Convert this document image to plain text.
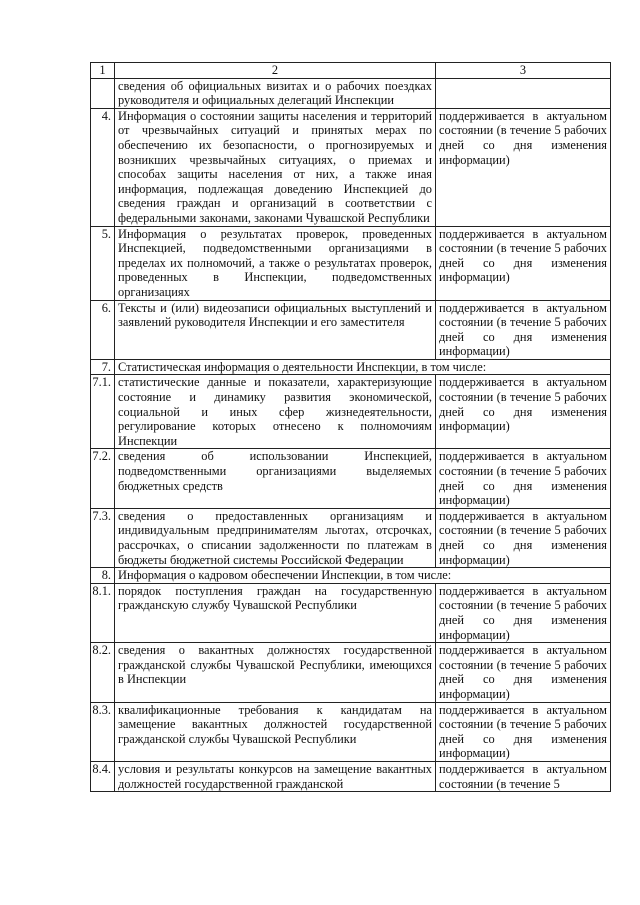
1	2	3
	сведения об официальных визитах и о рабочих поездках руководителя и официальных делегаций Инспекции	
4.	Информация о состоянии защиты населения и территорий от чрезвычайных ситуаций и принятых мерах по обеспечению их безопасности, о прогнозируемых и возникших чрезвычайных ситуациях, о приемах и способах защиты населения от них, а также иная информация, подлежащая доведению Инспекцией до сведения граждан и организаций в соответствии с федеральными законами, законами Чувашской Республики	поддерживается в актуальном состоянии (в течение 5 рабочих дней со дня изменения информации)
5.	Информация о результатах проверок, проведенных Инспекцией, подведомственными организациями в пределах их полномочий, а также о результатах проверок, проведенных в Инспекции, подведомственных организациях	поддерживается в актуальном состоянии (в течение 5 рабочих дней со дня изменения информации)
6.	Тексты и (или) видеозаписи официальных выступлений и заявлений руководителя Инспекции и его заместителя	поддерживается в актуальном состоянии (в течение 5 рабочих дней со дня изменения информации)
7.	Статистическая информация о деятельности Инспекции, в том числе:	
7.1.	статистические данные и показатели, характеризующие состояние и динамику развития экономической, социальной и иных сфер жизнедеятельности, регулирование которых отнесено к полномочиям Инспекции	поддерживается в актуальном состоянии (в течение 5 рабочих дней со дня изменения информации)
7.2.	сведения об использовании Инспекцией, подведомственными организациями выделяемых бюджетных средств	поддерживается в актуальном состоянии (в течение 5 рабочих дней со дня изменения информации)
7.3.	сведения о предоставленных организациям и индивидуальным предпринимателям льготах, отсрочках, рассрочках, о списании задолженности по платежам в бюджеты бюджетной системы Российской Федерации	поддерживается в актуальном состоянии (в течение 5 рабочих дней со дня изменения информации)
8.	Информация о кадровом обеспечении Инспекции, в том числе:	
8.1.	порядок поступления граждан на государственную гражданскую службу Чувашской Республики	поддерживается в актуальном состоянии (в течение 5 рабочих дней со дня изменения информации)
8.2.	сведения о вакантных должностях государственной гражданской службы Чувашской Республики, имеющихся в Инспекции	поддерживается в актуальном состоянии (в течение 5 рабочих дней со дня изменения информации)
8.3.	квалификационные требования к кандидатам на замещение вакантных должностей государственной гражданской службы Чувашской Республики	поддерживается в актуальном состоянии (в течение 5 рабочих дней со дня изменения информации)
8.4.	условия и результаты конкурсов на замещение вакантных должностей государственной гражданской	поддерживается в актуальном состоянии (в течение 5
